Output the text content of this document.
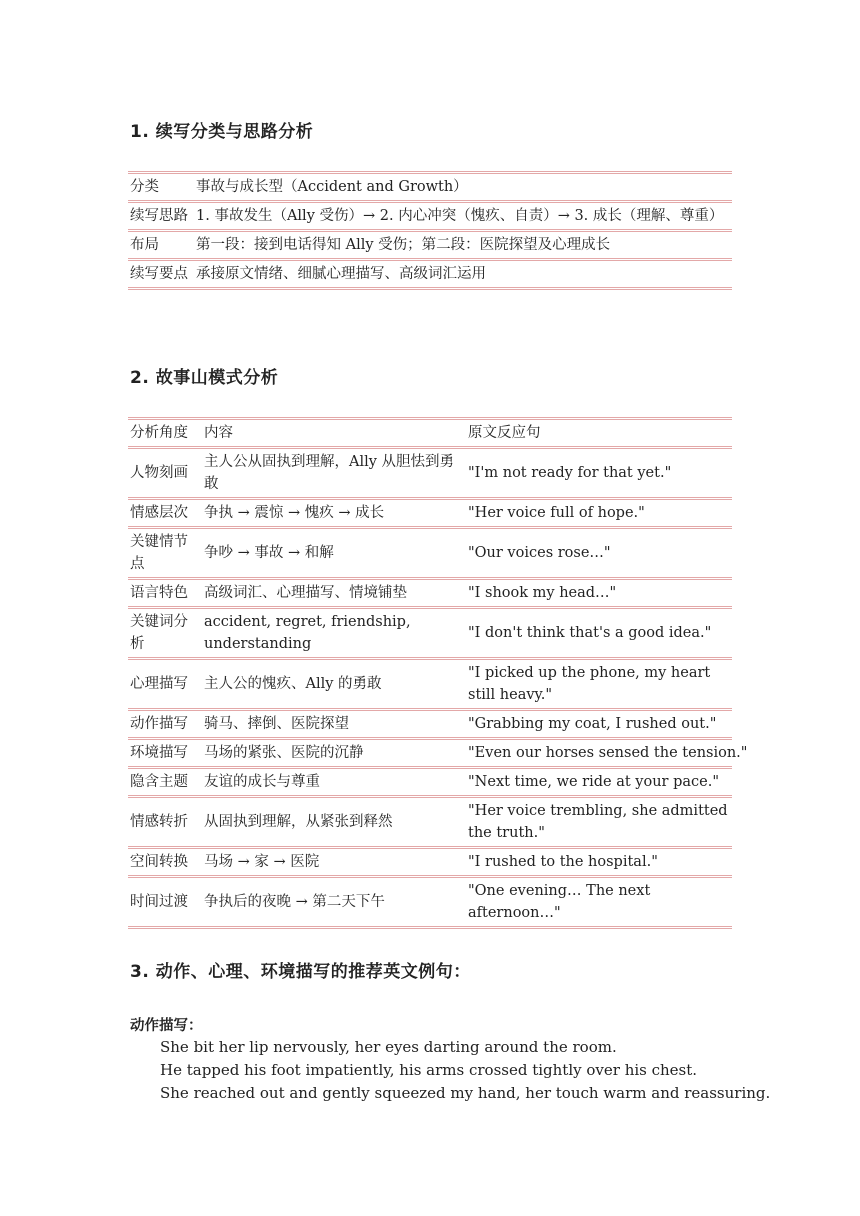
1. 续写分类与思路分析
分类	事故与成长型（Accident and Growth）
续写思路	1. 事故发生（Ally 受伤）→ 2. 内心冲突（愧疚、自责）→ 3. 成长（理解、尊重）
布局	第一段：接到电话得知 Ally 受伤；第二段：医院探望及心理成长
续写要点	承接原文情绪、细腻心理描写、高级词汇运用
2. 故事山模式分析
分析角度	内容	原文反应句
人物刻画	主人公从固执到理解，Ally 从胆怯到勇敢	"I'm not ready for that yet."
情感层次	争执 → 震惊 → 愧疚 → 成长	"Her voice full of hope."
关键情节点	争吵 → 事故 → 和解	"Our voices rose…"
语言特色	高级词汇、心理描写、情境铺垫	"I shook my head…"
关键词分析	accident, regret, friendship, understanding	"I don't think that's a good idea."
心理描写	主人公的愧疚、Ally 的勇敢	"I picked up the phone, my heart still heavy."
动作描写	骑马、摔倒、医院探望	"Grabbing my coat, I rushed out."
环境描写	马场的紧张、医院的沉静	"Even our horses sensed the tension."
隐含主题	友谊的成长与尊重	"Next time, we ride at your pace."
情感转折	从固执到理解，从紧张到释然	"Her voice trembling, she admitted the truth."
空间转换	马场 → 家 → 医院	"I rushed to the hospital."
时间过渡	争执后的夜晚 → 第二天下午	"One evening… The next afternoon…"
3. 动作、心理、环境描写的推荐英文例句：
动作描写：
She bit her lip nervously, her eyes darting around the room.
He tapped his foot impatiently, his arms crossed tightly over his chest.
She reached out and gently squeezed my hand, her touch warm and reassuring.
